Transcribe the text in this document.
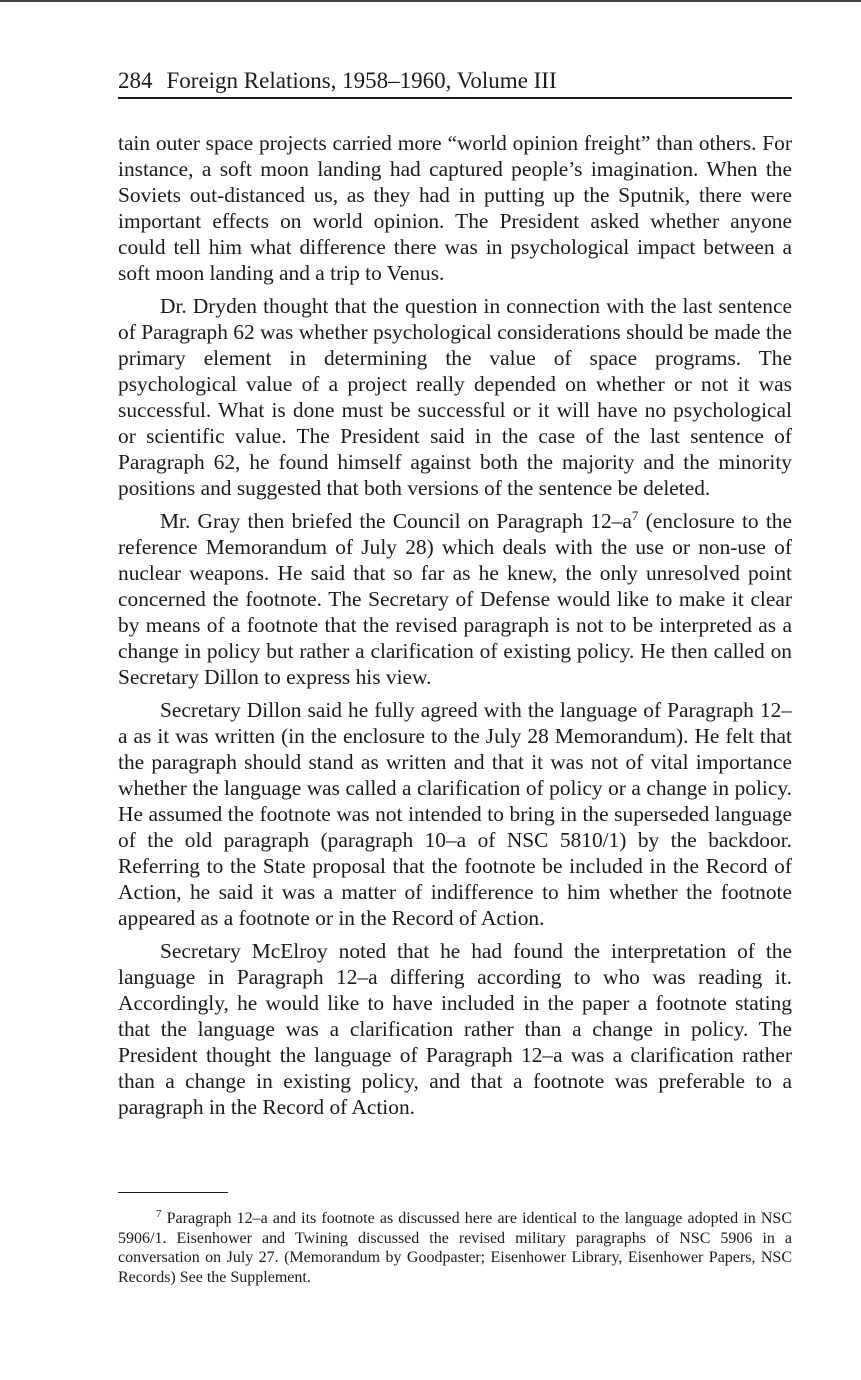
284 Foreign Relations, 1958–1960, Volume III

tain outer space projects carried more “world opinion freight” than others. For instance, a soft moon landing had captured people’s imagination. When the Soviets out-distanced us, as they had in putting up the Sputnik, there were important effects on world opinion. The President asked whether anyone could tell him what difference there was in psychological impact between a soft moon landing and a trip to Venus.

Dr. Dryden thought that the question in connection with the last sentence of Paragraph 62 was whether psychological considerations should be made the primary element in determining the value of space programs. The psychological value of a project really depended on whether or not it was successful. What is done must be successful or it will have no psychological or scientific value. The President said in the case of the last sentence of Paragraph 62, he found himself against both the majority and the minority positions and suggested that both versions of the sentence be deleted.

Mr. Gray then briefed the Council on Paragraph $12-a^7$ (enclosure to the reference Memorandum of July 28) which deals with the use or non-use of nuclear weapons. He said that so far as he knew, the only unresolved point concerned the footnote. The Secretary of Defense would like to make it clear by means of a footnote that the revised paragraph is not to be interpreted as a change in policy but rather a clarification of existing policy. He then called on Secretary Dillon to express his view.

Secretary Dillon said he fully agreed with the language of Paragraph 12–a as it was written (in the enclosure to the July 28 Memorandum). He felt that the paragraph should stand as written and that it was not of vital importance whether the language was called a clarification of policy or a change in policy. He assumed the footnote was not intended to bring in the superseded language of the old paragraph (paragraph 10–a of NSC 5810/1) by the backdoor. Referring to the State proposal that the footnote be included in the Record of Action, he said it was a matter of indifference to him whether the footnote appeared as a footnote or in the Record of Action.

Secretary McElroy noted that he had found the interpretation of the language in Paragraph 12–a differing according to who was reading it. Accordingly, he would like to have included in the paper a footnote stating that the language was a clarification rather than a change in policy. The President thought the language of Paragraph 12–a was a clarification rather than a change in existing policy, and that a footnote was preferable to a paragraph in the Record of Action.

$^7$ Paragraph 12–a and its footnote as discussed here are identical to the language adopted in NSC 5906/1. Eisenhower and Twining discussed the revised military paragraphs of NSC 5906 in a conversation on July 27. (Memorandum by Goodpaster; Eisenhower Library, Eisenhower Papers, NSC Records) See the Supplement.
